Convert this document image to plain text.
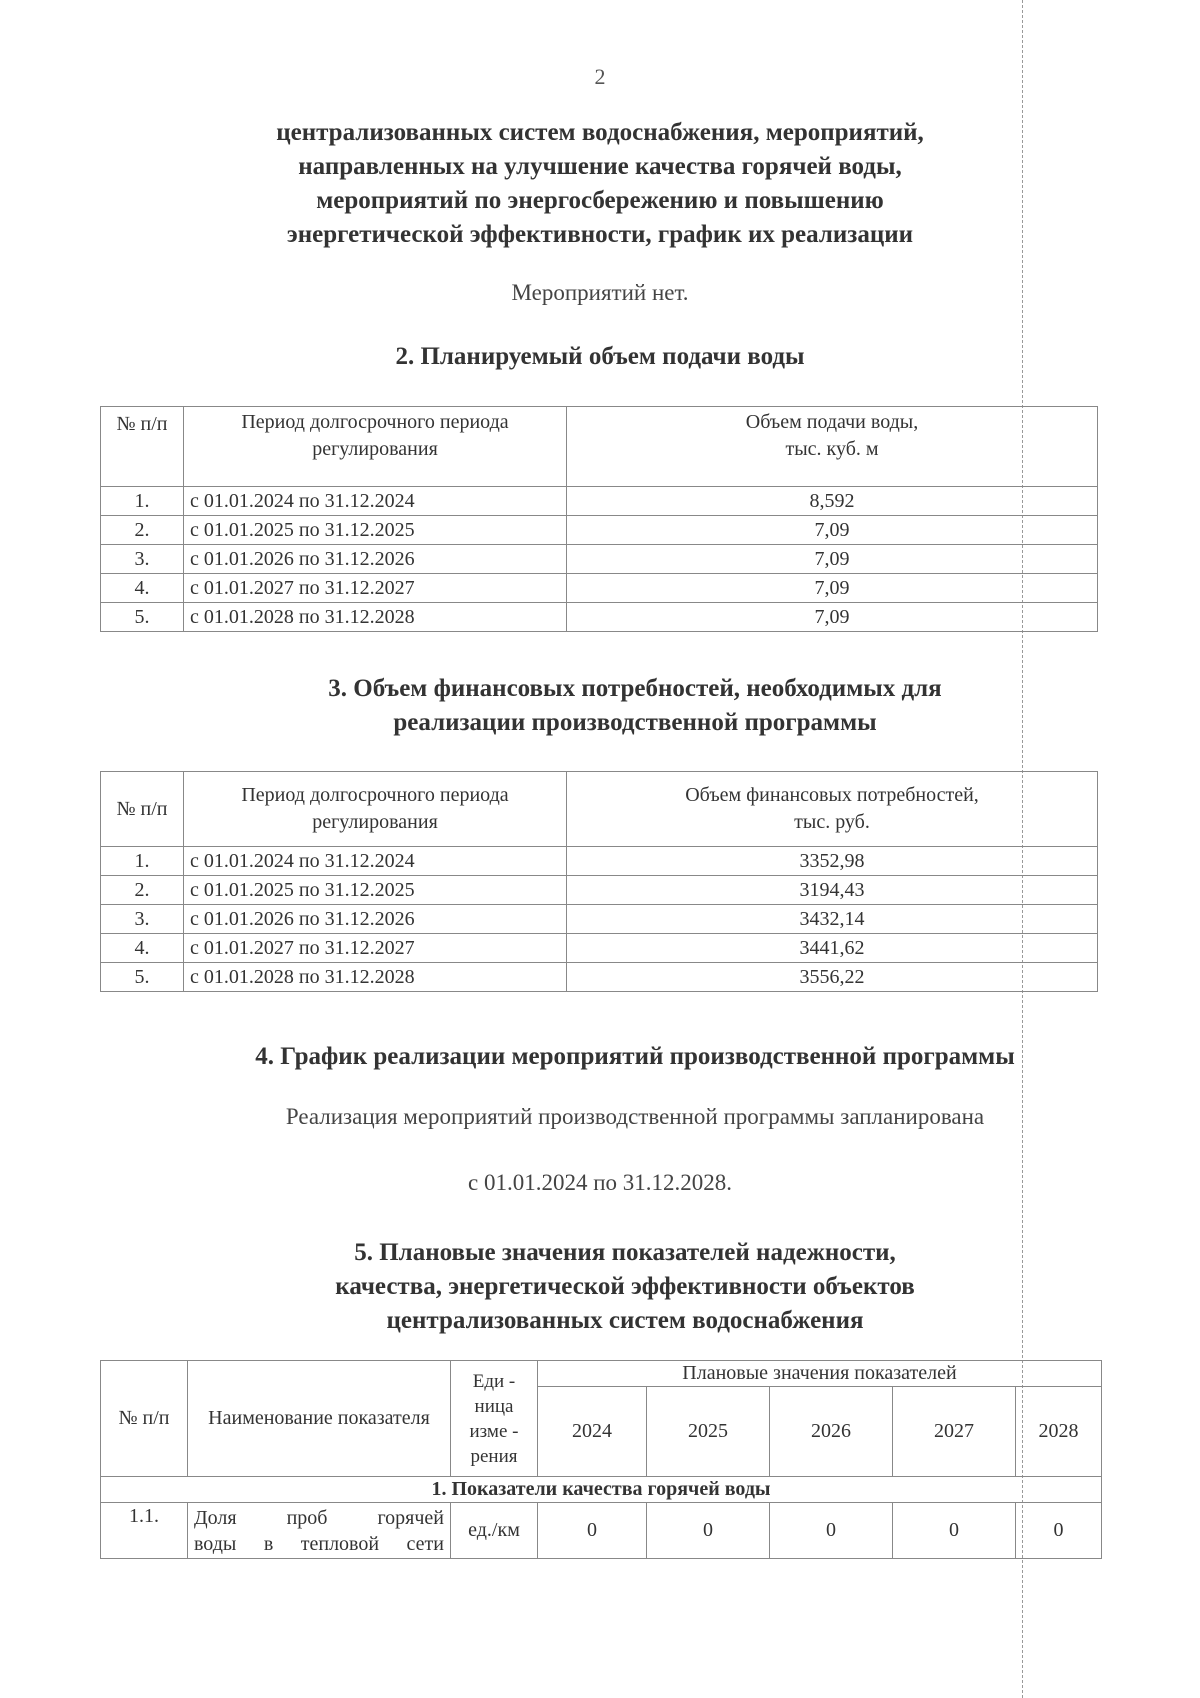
2
централизованных систем водоснабжения, мероприятий,
направленных на улучшение качества горячей воды,
мероприятий по энергосбережению и повышению
энергетической эффективности, график их реализации
Мероприятий нет.
2. Планируемый объем подачи воды
№ п/п	Период долгосрочного периода регулирования	Объем подачи воды,
тыс. куб. м

1.	с 01.01.2024 по 31.12.2024	8,592
2.	с 01.01.2025 по 31.12.2025	7,09
3.	с 01.01.2026 по 31.12.2026	7,09
4.	с 01.01.2027 по 31.12.2027	7,09
5.	с 01.01.2028 по 31.12.2028	7,09
3. Объем финансовых потребностей, необходимых для
реализации производственной программы
№ п/п	Период долгосрочного периода регулирования	Объем финансовых потребностей,
тыс. руб.

1.	с 01.01.2024 по 31.12.2024	3352,98
2.	с 01.01.2025 по 31.12.2025	3194,43
3.	с 01.01.2026 по 31.12.2026	3432,14
4.	с 01.01.2027 по 31.12.2027	3441,62
5.	с 01.01.2028 по 31.12.2028	3556,22
4. График реализации мероприятий производственной программы
Реализация мероприятий производственной программы запланирована
с 01.01.2024 по 31.12.2028.
5. Плановые значения показателей надежности,
качества, энергетической эффективности объектов
централизованных систем водоснабжения
№ п/п	Наименование показателя	Еди - ница изме - рения	Плановые значения показателей				
			2024	2025	2026	2027	2028
1. Показатели качества горячей воды							
1.1.	Доля проб горячей
воды в тепловой сети	ед./км	0	0	0	0	0
